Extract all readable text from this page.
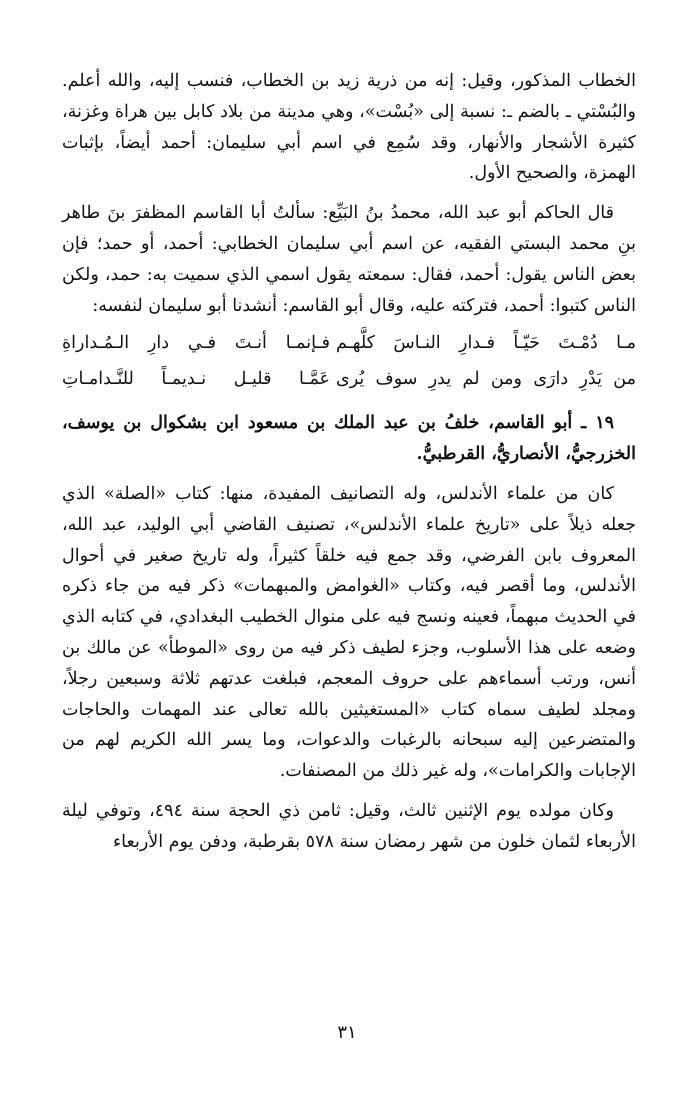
الخطاب المذكور، وقيل: إنه من ذرية زيد بن الخطاب، فنسب إليه، والله أعلم. والبُسْتي ـ بالضم ـ: نسبة إلى «بُسْت»، وهي مدينة من بلاد كابل بين هراة وغزنة، كثيرة الأشجار والأنهار، وقد سُمِع في اسم أبي سليمان: أحمد أيضاً، بإثبات الهمزة، والصحيح الأول.

قال الحاكم أبو عبد الله، محمدُ بنُ البَيِّع: سألتُ أبا القاسم المظفرَ بنَ طاهر بنِ محمد البستي الفقيه، عن اسم أبي سليمان الخطابي: أحمد، أو حمد؛ فإن بعض الناس يقول: أحمد، فقال: سمعته يقول اسمي الذي سميت به: حمد، ولكن الناس كتبوا: أحمد، فتركته عليه، وقال أبو القاسم: أنشدنا أبو سليمان لنفسه:

مـا دُمْـتَ حَيّـاً فـدارِ النـاسَ كلَّهـم
فـإنمـا أنـتَ فـي دارِ الـمُـداراةِ
من يَدْرِ دارَى ومن لم يدرِ سوف يُرى
عَمَّـا قليـل نـديمـاً للنَّـدامـاتِ

١٩ ـ أبو القاسم، خلفُ بن عبد الملك بن مسعود ابن بشكوال بن يوسف، الخزرجيُّ، الأنصاريُّ، القرطبيُّ.

كان من علماء الأندلس، وله التصانيف المفيدة، منها: كتاب «الصلة» الذي جعله ذيلاً على «تاريخ علماء الأندلس»، تصنيف القاضي أبي الوليد، عبد الله، المعروف بابن الفرضي، وقد جمع فيه خلقاً كثيراً، وله تاريخ صغير في أحوال الأندلس، وما أقصر فيه، وكتاب «الغوامض والمبهمات» ذكر فيه من جاء ذكره في الحديث مبهماً، فعينه ونسج فيه على منوال الخطيب البغدادي، في كتابه الذي وضعه على هذا الأسلوب، وجزء لطيف ذكر فيه من روى «الموطأ» عن مالك بن أنس، ورتب أسماءهم على حروف المعجم، فبلغت عدتهم ثلاثة وسبعين رجلاً، ومجلد لطيف سماه كتاب «المستغيثين بالله تعالى عند المهمات والحاجات والمتضرعين إليه سبحانه بالرغبات والدعوات، وما يسر الله الكريم لهم من الإجابات والكرامات»، وله غير ذلك من المصنفات.

وكان مولده يوم الإثنين ثالث، وقيل: ثامن ذي الحجة سنة ٤٩٤، وتوفي ليلة الأربعاء لثمان خلون من شهر رمضان سنة ٥٧٨ بقرطبة، ودفن يوم الأربعاء

٣١
